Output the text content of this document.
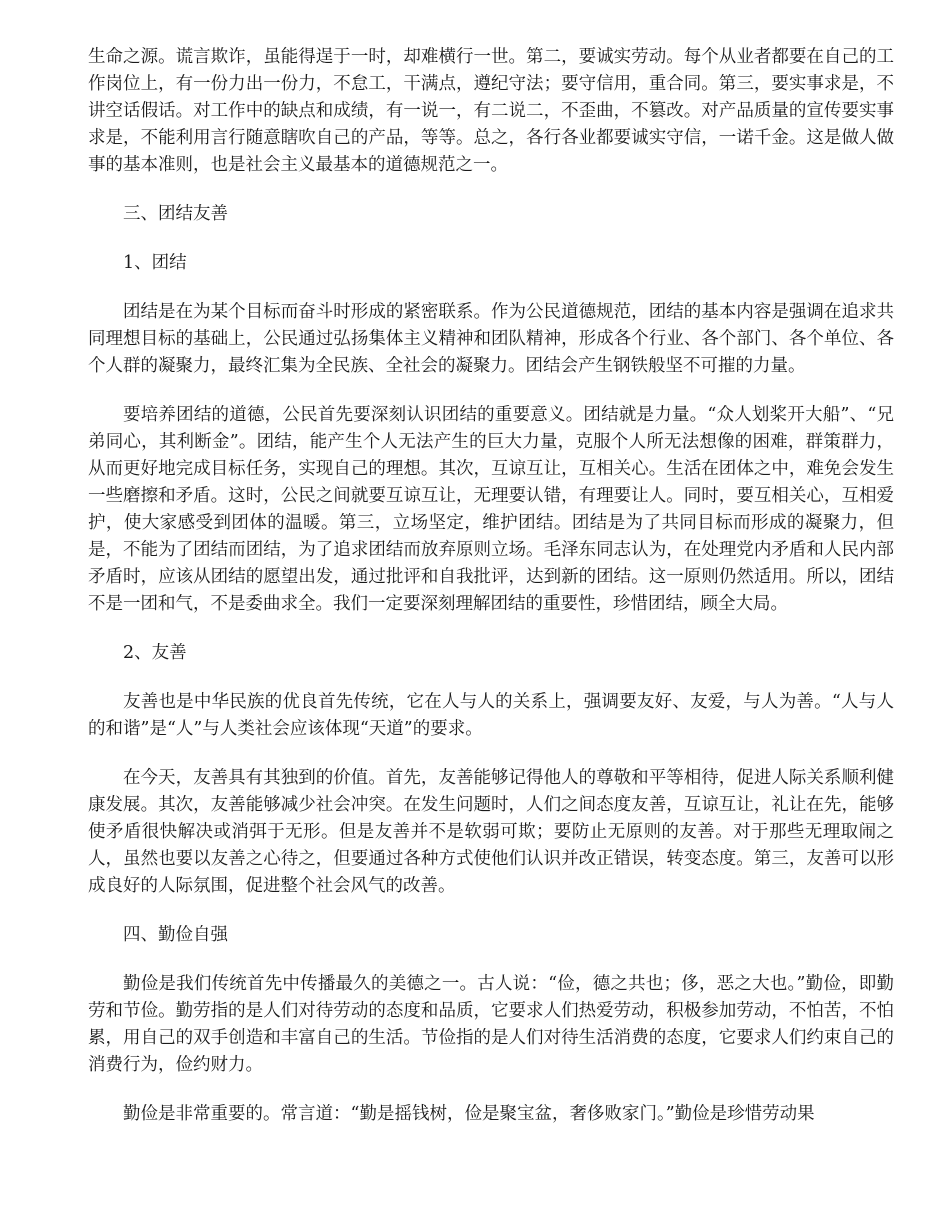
生命之源。谎言欺诈，虽能得逞于一时，却难横行一世。第二，要诚实劳动。每个从业者都要在自己的工作岗位上，有一份力出一份力，不怠工，干满点，遵纪守法；要守信用，重合同。第三，要实事求是，不讲空话假话。对工作中的缺点和成绩，有一说一，有二说二，不歪曲，不篡改。对产品质量的宣传要实事求是，不能利用言行随意瞎吹自己的产品，等等。总之，各行各业都要诚实守信，一诺千金。这是做人做事的基本准则，也是社会主义最基本的道德规范之一。

三、团结友善

1、团结

团结是在为某个目标而奋斗时形成的紧密联系。作为公民道德规范，团结的基本内容是强调在追求共同理想目标的基础上，公民通过弘扬集体主义精神和团队精神，形成各个行业、各个部门、各个单位、各个人群的凝聚力，最终汇集为全民族、全社会的凝聚力。团结会产生钢铁般坚不可摧的力量。

要培养团结的道德，公民首先要深刻认识团结的重要意义。团结就是力量。“众人划桨开大船”、“兄弟同心，其利断金”。团结，能产生个人无法产生的巨大力量，克服个人所无法想像的困难，群策群力，从而更好地完成目标任务，实现自己的理想。其次，互谅互让，互相关心。生活在团体之中，难免会发生一些磨擦和矛盾。这时，公民之间就要互谅互让，无理要认错，有理要让人。同时，要互相关心，互相爱护，使大家感受到团体的温暖。第三，立场坚定，维护团结。团结是为了共同目标而形成的凝聚力，但是，不能为了团结而团结，为了追求团结而放弃原则立场。毛泽东同志认为，在处理党内矛盾和人民内部矛盾时，应该从团结的愿望出发，通过批评和自我批评，达到新的团结。这一原则仍然适用。所以，团结不是一团和气，不是委曲求全。我们一定要深刻理解团结的重要性，珍惜团结，顾全大局。

2、友善

友善也是中华民族的优良首先传统，它在人与人的关系上，强调要友好、友爱，与人为善。“人与人的和谐”是“人”与人类社会应该体现“天道”的要求。

在今天，友善具有其独到的价值。首先，友善能够记得他人的尊敬和平等相待，促进人际关系顺利健康发展。其次，友善能够减少社会冲突。在发生问题时，人们之间态度友善，互谅互让，礼让在先，能够使矛盾很快解决或消弭于无形。但是友善并不是软弱可欺；要防止无原则的友善。对于那些无理取闹之人，虽然也要以友善之心待之，但要通过各种方式使他们认识并改正错误，转变态度。第三，友善可以形成良好的人际氛围，促进整个社会风气的改善。

四、勤俭自强

勤俭是我们传统首先中传播最久的美德之一。古人说：“俭，德之共也；侈，恶之大也。”勤俭，即勤劳和节俭。勤劳指的是人们对待劳动的态度和品质，它要求人们热爱劳动，积极参加劳动，不怕苦，不怕累，用自己的双手创造和丰富自己的生活。节俭指的是人们对待生活消费的态度，它要求人们约束自己的消费行为，俭约财力。

勤俭是非常重要的。常言道：“勤是摇钱树，俭是聚宝盆，奢侈败家门。”勤俭是珍惜劳动果
